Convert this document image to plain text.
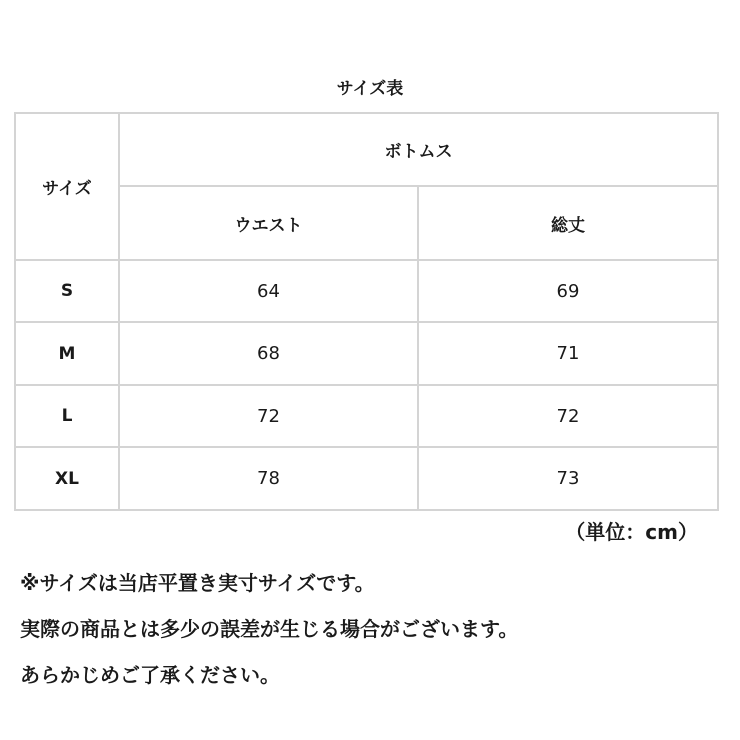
サイズ表
サイズ	ボトムス	
	ウエスト	総丈
S	64	69
M	68	71
L	72	72
XL	78	73
（単位：cm）
※サイズは当店平置き実寸サイズです。
実際の商品とは多少の誤差が生じる場合がございます。
あらかじめご了承ください。
